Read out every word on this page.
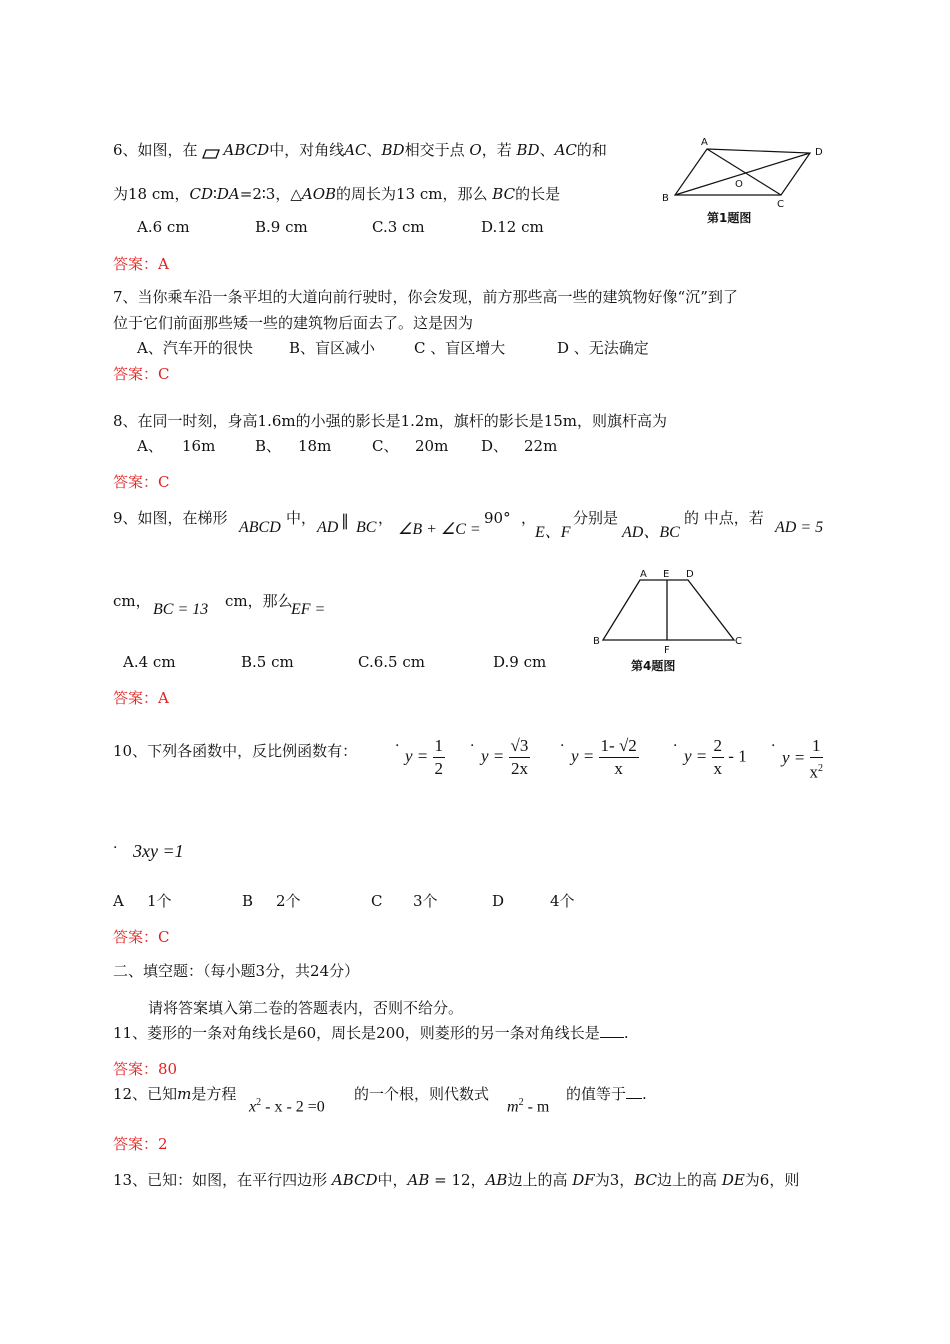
6、如图，在 ABCD中，对角线AC、BD相交于点 O，若 BD、AC的和
为18 cm，CD∶DA=2∶3，△AOB的周长为13 cm，那么 BC的长是
A.6 cm	B.9 cm	C.3 cm	D.12 cm
答案：A
A
D
B
C
O
第1题图
7、当你乘车沿一条平坦的大道向前行驶时，你会发现，前方那些高一些的建筑物好像“沉”到了
位于它们前面那些矮一些的建筑物后面去了。这是因为
A、汽车开的很快 B、盲区减小	C 、盲区增大	D 、无法确定
答案：C
8、在同一时刻，身高1.6m的小强的影长是1.2m，旗杆的影长是15m，则旗杆高为
A、 16m	B、 18m	C、 20m D、 22m
答案：C
9、如图，在梯形
ABCD
中，
AD ∥ BC
，
∠B + ∠C =
90° ，
E、F
分别是
AD、BC
的 中点，若
AD = 5
cm， BC = 13 cm，那么
EF =
A.4 cm	B.5 cm	C.6.5 cm	D.9 cm
答案：A
A E D
B
F
C
第4题图
10、下列各函数中，反比例函数有：	·
$y = \frac{1}{2}$ ·
$y = \frac{√3}{2x}$ ·
$y = \frac{1- √2}{x}$ ·
$y = \frac{2}{x} - 1$
·
$y = \frac{1}{x^2}$
· 3xy =1
A 1个	B 2个	C 3个	D	4个
答案：C
二、填空题：（每小题3分，共24分）
请将答案填入第二卷的答题表内，否则不给分。
11、菱形的一条对角线长是60，周长是200，则菱形的另一条对角线长是 .
答案：80
12、已知m是方程
$x^2 - x - 2 =0$
的一个根，则代数式
$m^2$ - m
的值等于 .
答案：2
13、已知：如图，在平行四边形 ABCD中，AB = 12，AB边上的高 DF为3，BC边上的高 DE为6，则
